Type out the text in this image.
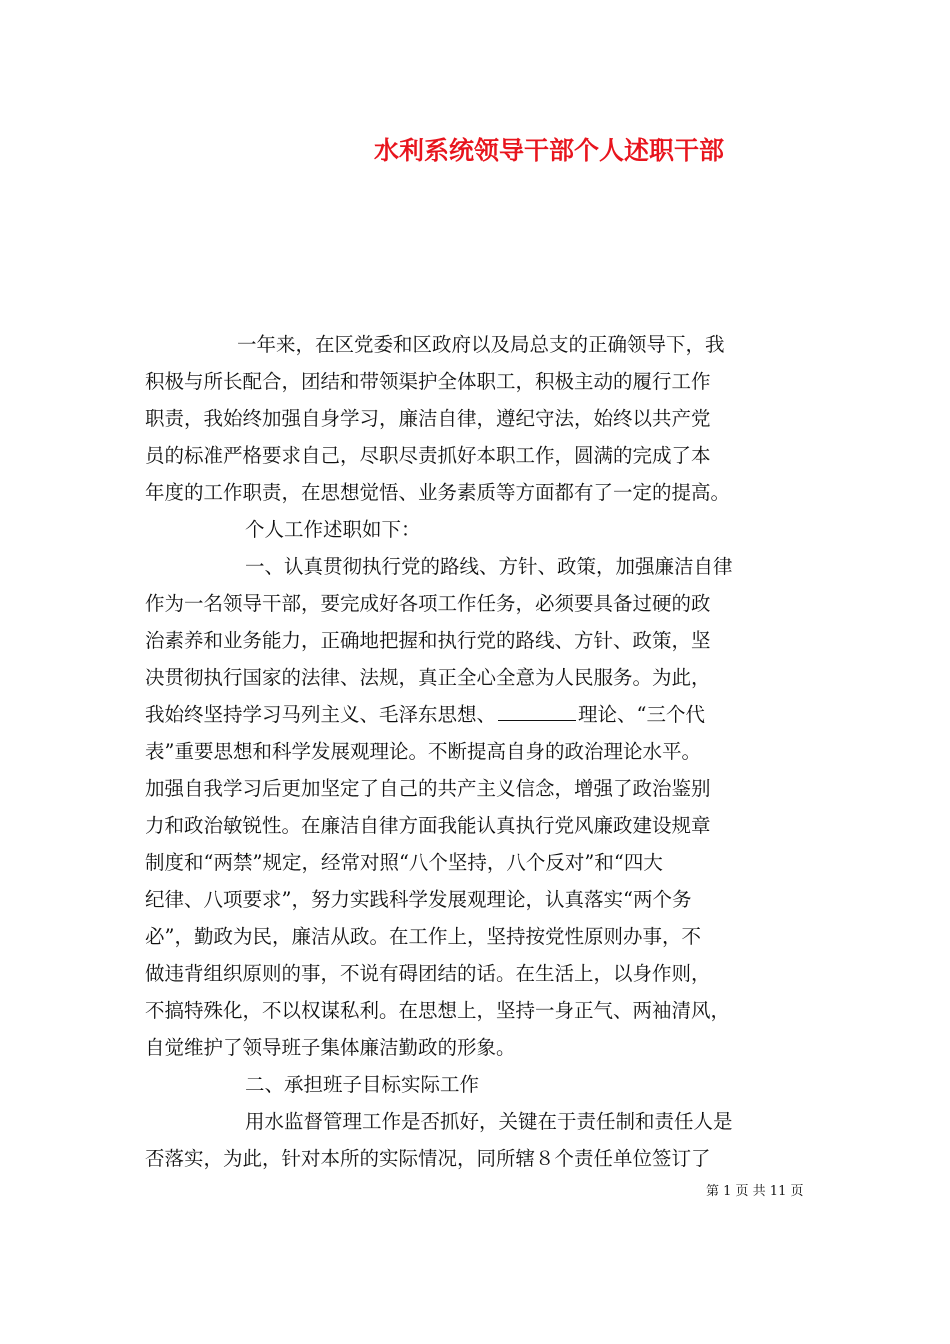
水利系统领导干部个人述职干部
一年来，在区党委和区政府以及局总支的正确领导下，我
积极与所长配合，团结和带领渠护全体职工，积极主动的履行工作
职责，我始终加强自身学习，廉洁自律，遵纪守法，始终以共产党
员的标准严格要求自己，尽职尽责抓好本职工作，圆满的完成了本
年度的工作职责，在思想觉悟、业务素质等方面都有了一定的提高。
个人工作述职如下：
一、认真贯彻执行党的路线、方针、政策，加强廉洁自律
作为一名领导干部，要完成好各项工作任务，必须要具备过硬的政
治素养和业务能力，正确地把握和执行党的路线、方针、政策，坚
决贯彻执行国家的法律、法规，真正全心全意为人民服务。为此，
我始终坚持学习马列主义、毛泽东思想、	理论、“三个代
表”重要思想和科学发展观理论。不断提高自身的政治理论水平。
加强自我学习后更加坚定了自己的共产主义信念，增强了政治鉴别
力和政治敏锐性。在廉洁自律方面我能认真执行党风廉政建设规章
制度和“两禁”规定，经常对照“八个坚持，八个反对”和“四大
纪律、八项要求”，努力实践科学发展观理论，认真落实“两个务
必”，勤政为民，廉洁从政。在工作上，坚持按党性原则办事，不
做违背组织原则的事，不说有碍团结的话。在生活上，以身作则，
不搞特殊化，不以权谋私利。在思想上，坚持一身正气、两袖清风，
自觉维护了领导班子集体廉洁勤政的形象。
二、承担班子目标实际工作
用水监督管理工作是否抓好，关键在于责任制和责任人是
否落实，为此，针对本所的实际情况，同所辖８个责任单位签订了
第 1 页 共 11 页
